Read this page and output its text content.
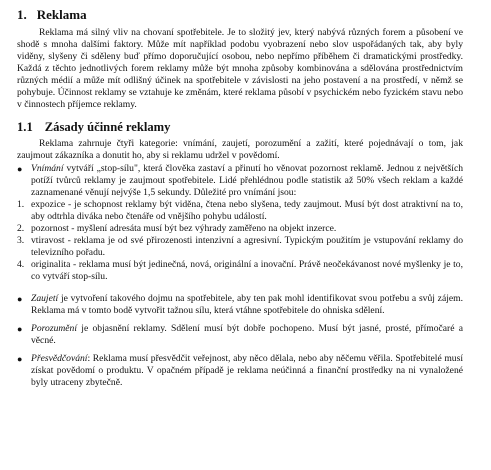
1. Reklama

Reklama má silný vliv na chovaní spotřebitele. Je to složitý jev, který nabývá různých forem a působení ve shodě s mnoha dalšími faktory. Může mít například podobu vyobrazení nebo slov uspořádaných tak, aby byly viděny, slyšeny či sděleny buď přímo doporučující osobou, nebo nepřímo příběhem či dramatickými prostředky. Každá z těchto jednotlivých forem reklamy může být mnoha způsoby kombinována a sdělována prostřednictvím různých médií a může mít odlišný účinek na spotřebitele v závislosti na jeho postavení a na prostředí, v němž se pohybuje. Účinnost reklamy se vztahuje ke změnám, které reklama působí v psychickém nebo fyzickém stavu nebo v činnostech příjemce reklamy.

1.1 Zásady účinné reklamy

Reklama zahrnuje čtyři kategorie: vnímání, zaujetí, porozumění a zažití, které pojednávají o tom, jak zaujmout zákazníka a donutit ho, aby si reklamu udržel v povědomí.

● Vnímání vytváří „stop-sílu", která člověka zastaví a přinutí ho věnovat pozornost reklamě. Jednou z největších potíží tvůrců reklamy je zaujmout spotřebitele. Lidé přehlédnou podle statistik až 50% všech reklam a každé zaznamenané věnují nejvýše 1,5 sekundy. Důležité pro vnímání jsou:
1. expozice - je schopnost reklamy být viděna, čtena nebo slyšena, tedy zaujmout. Musí být dost atraktivní na to, aby odtrhla diváka nebo čtenáře od vnějšího pohybu událostí.
2. pozornost - myšlení adresáta musí být bez výhrady zaměřeno na objekt inzerce.
3. vtiravost - reklama je od své přirozenosti intenzivní a agresivní. Typickým použitím je vstupování reklamy do televizního pořadu.
4. originalita - reklama musí být jedinečná, nová, originální a inovační. Právě neočekávanost nové myšlenky je to, co vytváří stop-sílu.
● Zaujetí je vytvoření takového dojmu na spotřebitele, aby ten pak mohl identifikovat svou potřebu a svůj zájem. Reklama má v tomto bodě vytvořit tažnou sílu, která vtáhne spotřebitele do ohniska sdělení.
● Porozumění je objasnění reklamy. Sdělení musí být dobře pochopeno. Musí být jasné, prosté, přímočaré a věcné.
● Přesvědčování: Reklama musí přesvědčit veřejnost, aby něco dělala, nebo aby něčemu věřila. Spotřebitelé musí získat povědomí o produktu. V opačném případě je reklama neúčinná a finanční prostředky na ni vynaložené byly utraceny zbytečně.
